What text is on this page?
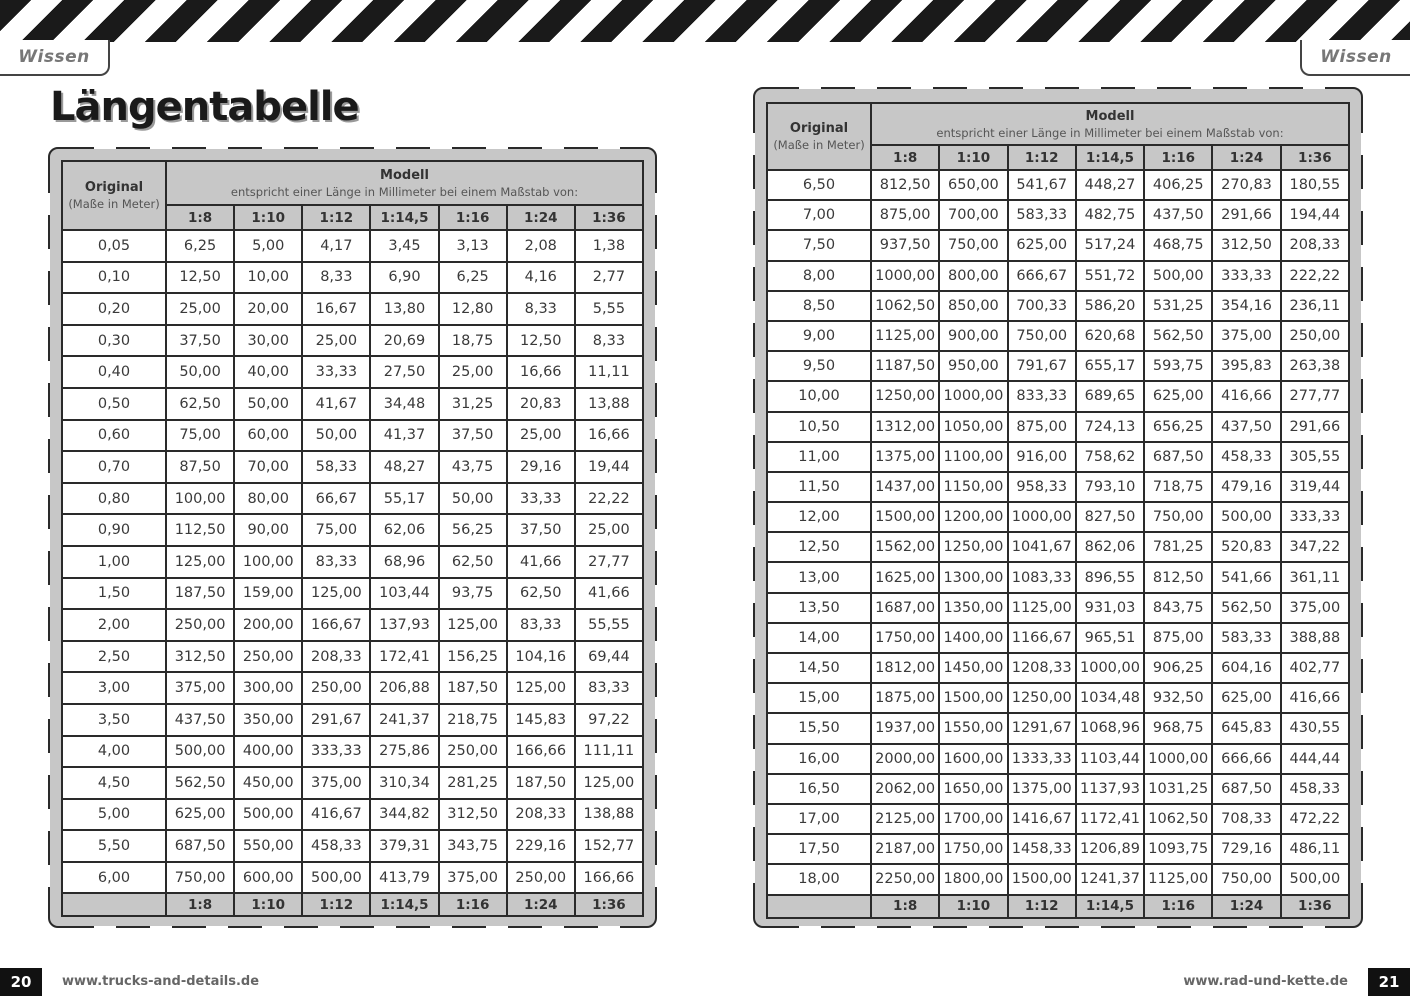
Wissen	Wissen
Längentabelle
Original
(Maße in Meter)	Modell
entspricht einer Länge in Millimeter bei einem Maßstab von:						

	1:8	1:10	1:12	1:14,5	1:16	1:24	1:36
0,05	6,25	5,00	4,17	3,45	3,13	2,08	1,38
0,10	12,50	10,00	8,33	6,90	6,25	4,16	2,77
0,20	25,00	20,00	16,67	13,80	12,80	8,33	5,55
0,30	37,50	30,00	25,00	20,69	18,75	12,50	8,33
0,40	50,00	40,00	33,33	27,50	25,00	16,66	11,11
0,50	62,50	50,00	41,67	34,48	31,25	20,83	13,88
0,60	75,00	60,00	50,00	41,37	37,50	25,00	16,66
0,70	87,50	70,00	58,33	48,27	43,75	29,16	19,44
0,80	100,00	80,00	66,67	55,17	50,00	33,33	22,22
0,90	112,50	90,00	75,00	62,06	56,25	37,50	25,00
1,00	125,00	100,00	83,33	68,96	62,50	41,66	27,77
1,50	187,50	159,00	125,00	103,44	93,75	62,50	41,66
2,00	250,00	200,00	166,67	137,93	125,00	83,33	55,55
2,50	312,50	250,00	208,33	172,41	156,25	104,16	69,44
3,00	375,00	300,00	250,00	206,88	187,50	125,00	83,33
3,50	437,50	350,00	291,67	241,37	218,75	145,83	97,22
4,00	500,00	400,00	333,33	275,86	250,00	166,66	111,11
4,50	562,50	450,00	375,00	310,34	281,25	187,50	125,00
5,00	625,00	500,00	416,67	344,82	312,50	208,33	138,88
5,50	687,50	550,00	458,33	379,31	343,75	229,16	152,77
6,00	750,00	600,00	500,00	413,79	375,00	250,00	166,66
	1:8	1:10	1:12	1:14,5	1:16	1:24	1:36
Original
(Maße in Meter)	Modell
entspricht einer Länge in Millimeter bei einem Maßstab von:						

	1:8	1:10	1:12	1:14,5	1:16	1:24	1:36
6,50	812,50	650,00	541,67	448,27	406,25	270,83	180,55
7,00	875,00	700,00	583,33	482,75	437,50	291,66	194,44
7,50	937,50	750,00	625,00	517,24	468,75	312,50	208,33
8,00	1000,00	800,00	666,67	551,72	500,00	333,33	222,22
8,50	1062,50	850,00	700,33	586,20	531,25	354,16	236,11
9,00	1125,00	900,00	750,00	620,68	562,50	375,00	250,00
9,50	1187,50	950,00	791,67	655,17	593,75	395,83	263,38
10,00	1250,00	1000,00	833,33	689,65	625,00	416,66	277,77
10,50	1312,00	1050,00	875,00	724,13	656,25	437,50	291,66
11,00	1375,00	1100,00	916,00	758,62	687,50	458,33	305,55
11,50	1437,00	1150,00	958,33	793,10	718,75	479,16	319,44
12,00	1500,00	1200,00	1000,00	827,50	750,00	500,00	333,33
12,50	1562,00	1250,00	1041,67	862,06	781,25	520,83	347,22
13,00	1625,00	1300,00	1083,33	896,55	812,50	541,66	361,11
13,50	1687,00	1350,00	1125,00	931,03	843,75	562,50	375,00
14,00	1750,00	1400,00	1166,67	965,51	875,00	583,33	388,88
14,50	1812,00	1450,00	1208,33	1000,00	906,25	604,16	402,77
15,00	1875,00	1500,00	1250,00	1034,48	932,50	625,00	416,66
15,50	1937,00	1550,00	1291,67	1068,96	968,75	645,83	430,55
16,00	2000,00	1600,00	1333,33	1103,44	1000,00	666,66	444,44
16,50	2062,00	1650,00	1375,00	1137,93	1031,25	687,50	458,33
17,00	2125,00	1700,00	1416,67	1172,41	1062,50	708,33	472,22
17,50	2187,00	1750,00	1458,33	1206,89	1093,75	729,16	486,11
18,00	2250,00	1800,00	1500,00	1241,37	1125,00	750,00	500,00
	1:8	1:10	1:12	1:14,5	1:16	1:24	1:36
20	www.trucks-and-details.de	www.rad-und-kette.de	21
